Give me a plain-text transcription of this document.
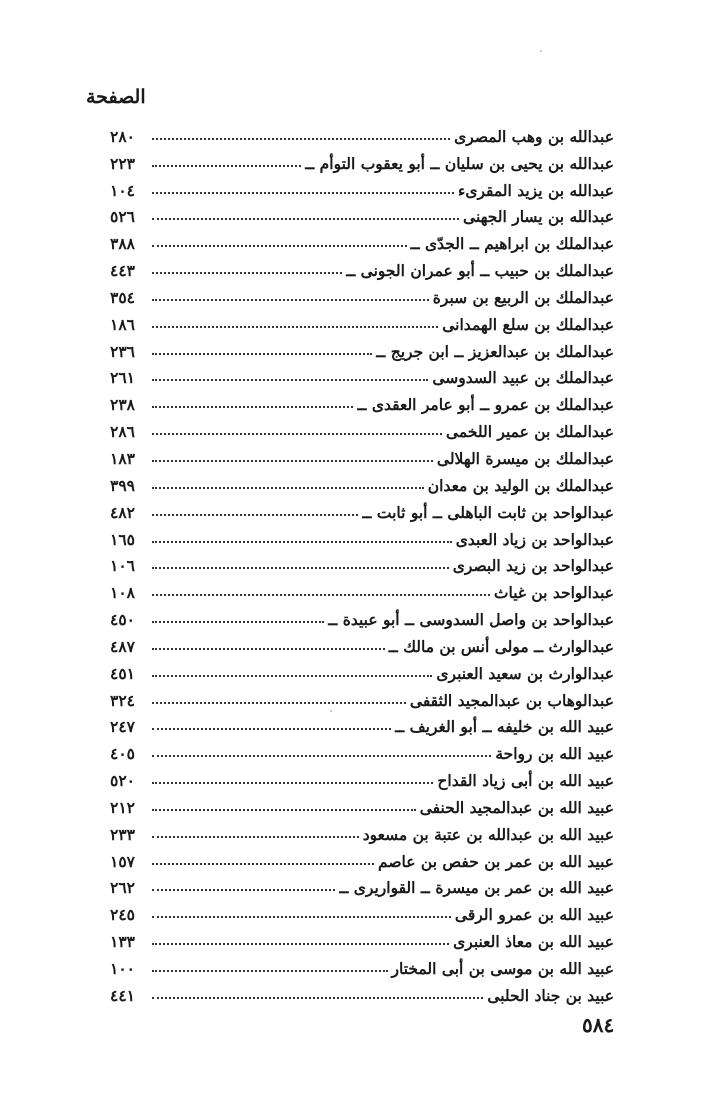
الصفحة
عبدالله بن وهب المصرى
٢٨٠
عبدالله بن يحيى بن سليان ــ أبو يعقوب التوأم ــ
٢٢٣
عبدالله بن يزيد المقرىء
١٠٤
عبدالله بن يسار الجهنى
٥٢٦
عبدالملك بن ابراهيم ــ الجدّى ــ
٣٨٨
عبدالملك بن حبيب ــ أبو عمران الجونى ــ
٤٤٣
عبدالملك بن الربيع بن سبرة
٣٥٤
عبدالملك بن سلع الهمدانى
١٨٦
عبدالملك بن عبدالعزيز ــ ابن جريج ــ
٢٣٦
عبدالملك بن عبيد السدوسى
٢٦١
عبدالملك بن عمرو ــ أبو عامر العقدى ــ
٢٣٨
عبدالملك بن عمير اللخمى
٢٨٦
عبدالملك بن ميسرة الهلالى
١٨٣
عبدالملك بن الوليد بن معدان
٣٩٩
عبدالواحد بن ثابت الباهلى ــ أبو ثابت ــ
٤٨٢
عبدالواحد بن زياد العبدى
١٦٥
عبدالواحد بن زيد البصرى
١٠٦
عبدالواحد بن غياث
١٠٨
عبدالواحد بن واصل السدوسى ــ أبو عبيدة ــ
٤٥٠
عبدالوارث ــ مولى أنس بن مالك ــ
٤٨٧
عبدالوارث بن سعيد العنبرى
٤٥١
عبدالوهاب بن عبدالمجيد الثقفى
٣٢٤
عبيد الله بن خليفه ــ أبو الغريف ــ
٢٤٧
عبيد الله بن رواحة
٤٠٥
عبيد الله بن أبى زياد القداح
٥٢٠
عبيد الله بن عبدالمجيد الحنفى
٢١٢
عبيد الله بن عبدالله بن عتبة بن مسعود
٢٣٣
عبيد الله بن عمر بن حفص بن عاصم
١٥٧
عبيد الله بن عمر بن ميسرة ــ القواريرى ــ
٢٦٢
عبيد الله بن عمرو الرقى
٢٤٥
عبيد الله بن معاذ العنبرى
١٣٣
عبيد الله بن موسى بن أبى المختار
١٠٠
عبيد بن جناد الحلبى
٤٤١
٥٨٤
